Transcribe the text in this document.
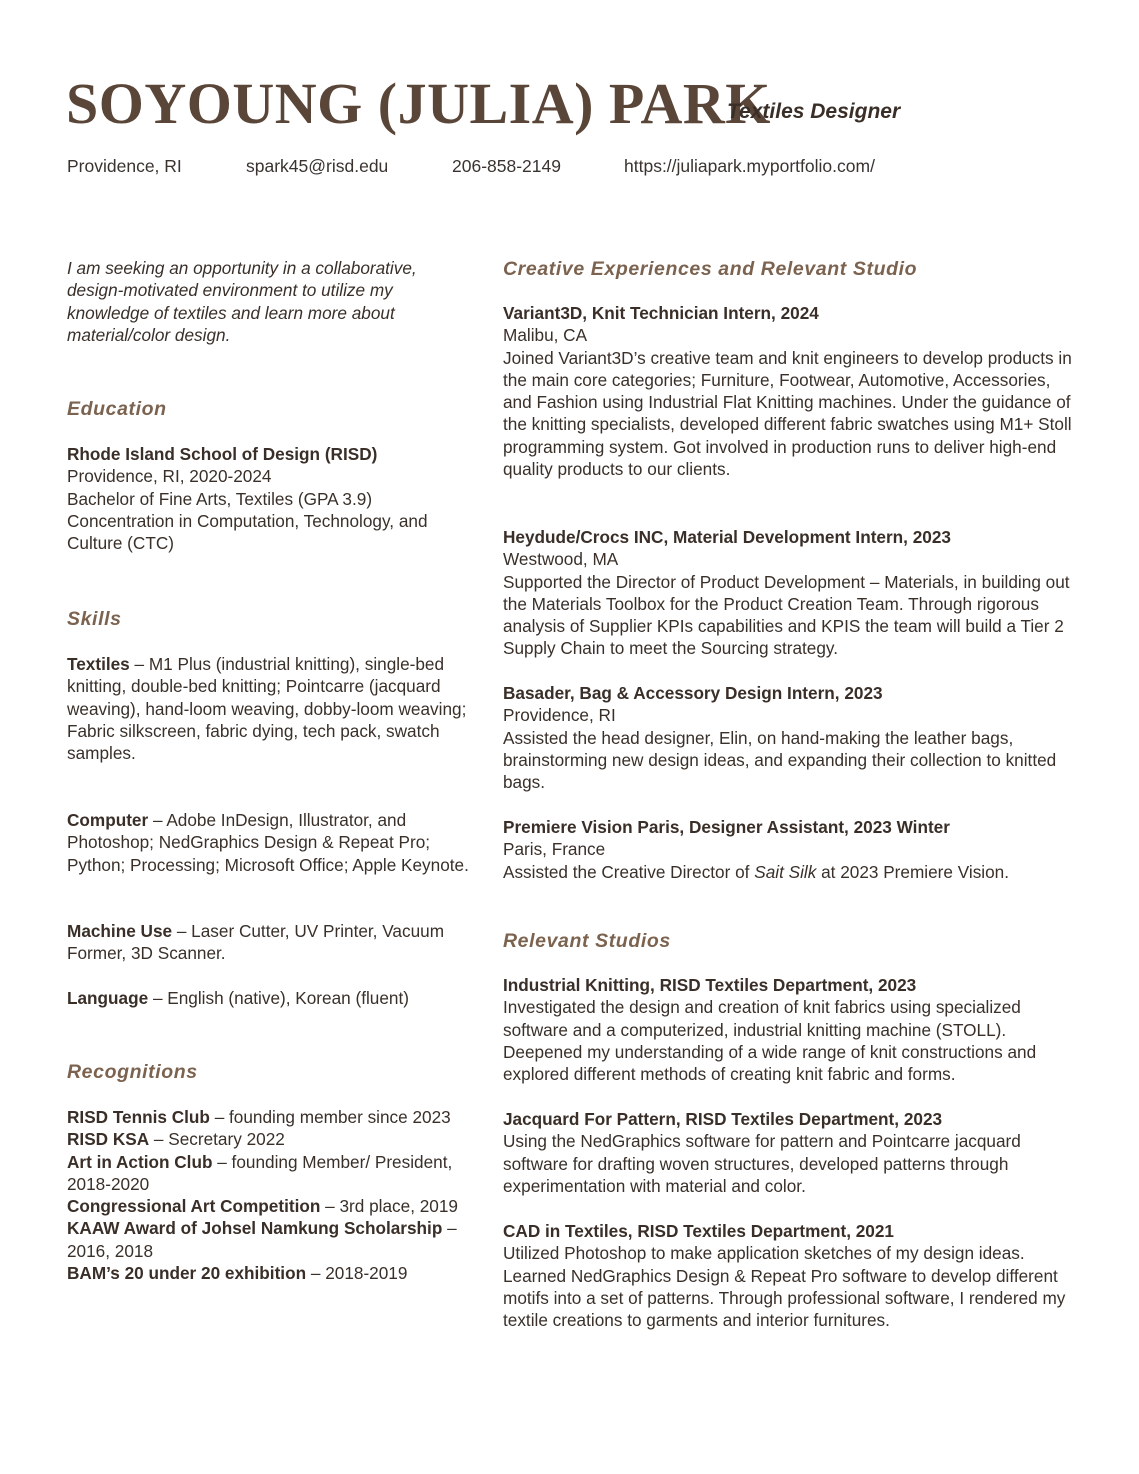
SOYOUNG (JULIA) PARK
Textiles Designer
Providence, RI	spark45@risd.edu	206-858-2149	https://juliapark.myportfolio.com/

I am seeking an opportunity in a collaborative, design-motivated environment to utilize my knowledge of textiles and learn more about material/color design.

Education

Rhode Island School of Design (RISD)

Providence, RI, 2020-2024

Bachelor of Fine Arts, Textiles (GPA 3.9)

Concentration in Computation, Technology, and Culture (CTC)

Skills

Textiles – M1 Plus (industrial knitting), single-bed knitting, double-bed knitting; Pointcarre (jacquard weaving), hand-loom weaving, dobby-loom weaving; Fabric silkscreen, fabric dying, tech pack, swatch samples.

Computer – Adobe InDesign, Illustrator, and Photoshop; NedGraphics Design & Repeat Pro; Python; Processing; Microsoft Office; Apple Keynote.

Machine Use – Laser Cutter, UV Printer, Vacuum Former, 3D Scanner.

Language – English (native), Korean (fluent)

Recognitions

RISD Tennis Club – founding member since 2023

RISD KSA – Secretary 2022

Art in Action Club – founding Member/ President, 2018-2020

Congressional Art Competition – 3rd place, 2019

KAAW Award of Johsel Namkung Scholarship – 2016, 2018

BAM’s 20 under 20 exhibition – 2018-2019

Creative Experiences and Relevant Studio

Variant3D, Knit Technician Intern, 2024

Malibu, CA

Joined Variant3D’s creative team and knit engineers to develop products in the main core categories; Furniture, Footwear, Automotive, Accessories, and Fashion using Industrial Flat Knitting machines. Under the guidance of the knitting specialists, developed different fabric swatches using M1+ Stoll programming system. Got involved in production runs to deliver high-end quality products to our clients.

Heydude/Crocs INC, Material Development Intern, 2023

Westwood, MA

Supported the Director of Product Development – Materials, in building out the Materials Toolbox for the Product Creation Team. Through rigorous analysis of Supplier KPIs capabilities and KPIS the team will build a Tier 2 Supply Chain to meet the Sourcing strategy.

Basader, Bag & Accessory Design Intern, 2023

Providence, RI

Assisted the head designer, Elin, on hand-making the leather bags, brainstorming new design ideas, and expanding their collection to knitted bags.

Premiere Vision Paris, Designer Assistant, 2023 Winter

Paris, France

Assisted the Creative Director of Sait Silk at 2023 Premiere Vision.

Relevant Studios

Industrial Knitting, RISD Textiles Department, 2023

Investigated the design and creation of knit fabrics using specialized software and a computerized, industrial knitting machine (STOLL). Deepened my understanding of a wide range of knit constructions and explored different methods of creating knit fabric and forms.

Jacquard For Pattern, RISD Textiles Department, 2023

Using the NedGraphics software for pattern and Pointcarre jacquard software for drafting woven structures, developed patterns through experimentation with material and color.

CAD in Textiles, RISD Textiles Department, 2021

Utilized Photoshop to make application sketches of my design ideas. Learned NedGraphics Design & Repeat Pro software to develop different motifs into a set of patterns. Through professional software, I rendered my textile creations to garments and interior furnitures.
